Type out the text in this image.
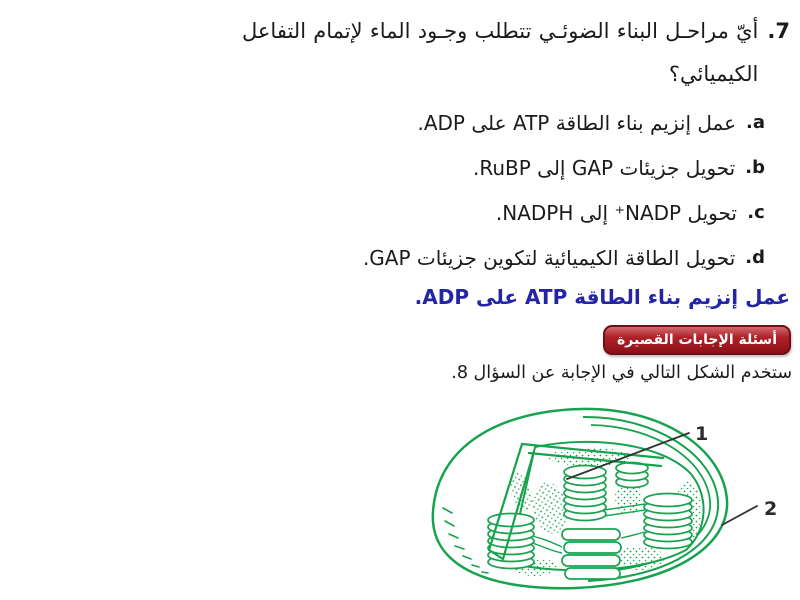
7.
أيّ مراحـل البناء الضوئـي تتطلب وجـود الماء لإتمام التفاعل الكيميائي؟
a.
عمل إنزيم بناء الطاقة ATP على ADP.
b.
تحويل جزيئات GAP إلى RuBP.
c.
تحويل NADP⁺ إلى NADPH.
d.
تحويل الطاقة الكيميائية لتكوين جزيئات GAP.
عمل إنزيم بناء الطاقة ATP على ADP.
أسئلة الإجابات القصيرة
ستخدم الشكل التالي في الإجابة عن السؤال 8.
1
2
